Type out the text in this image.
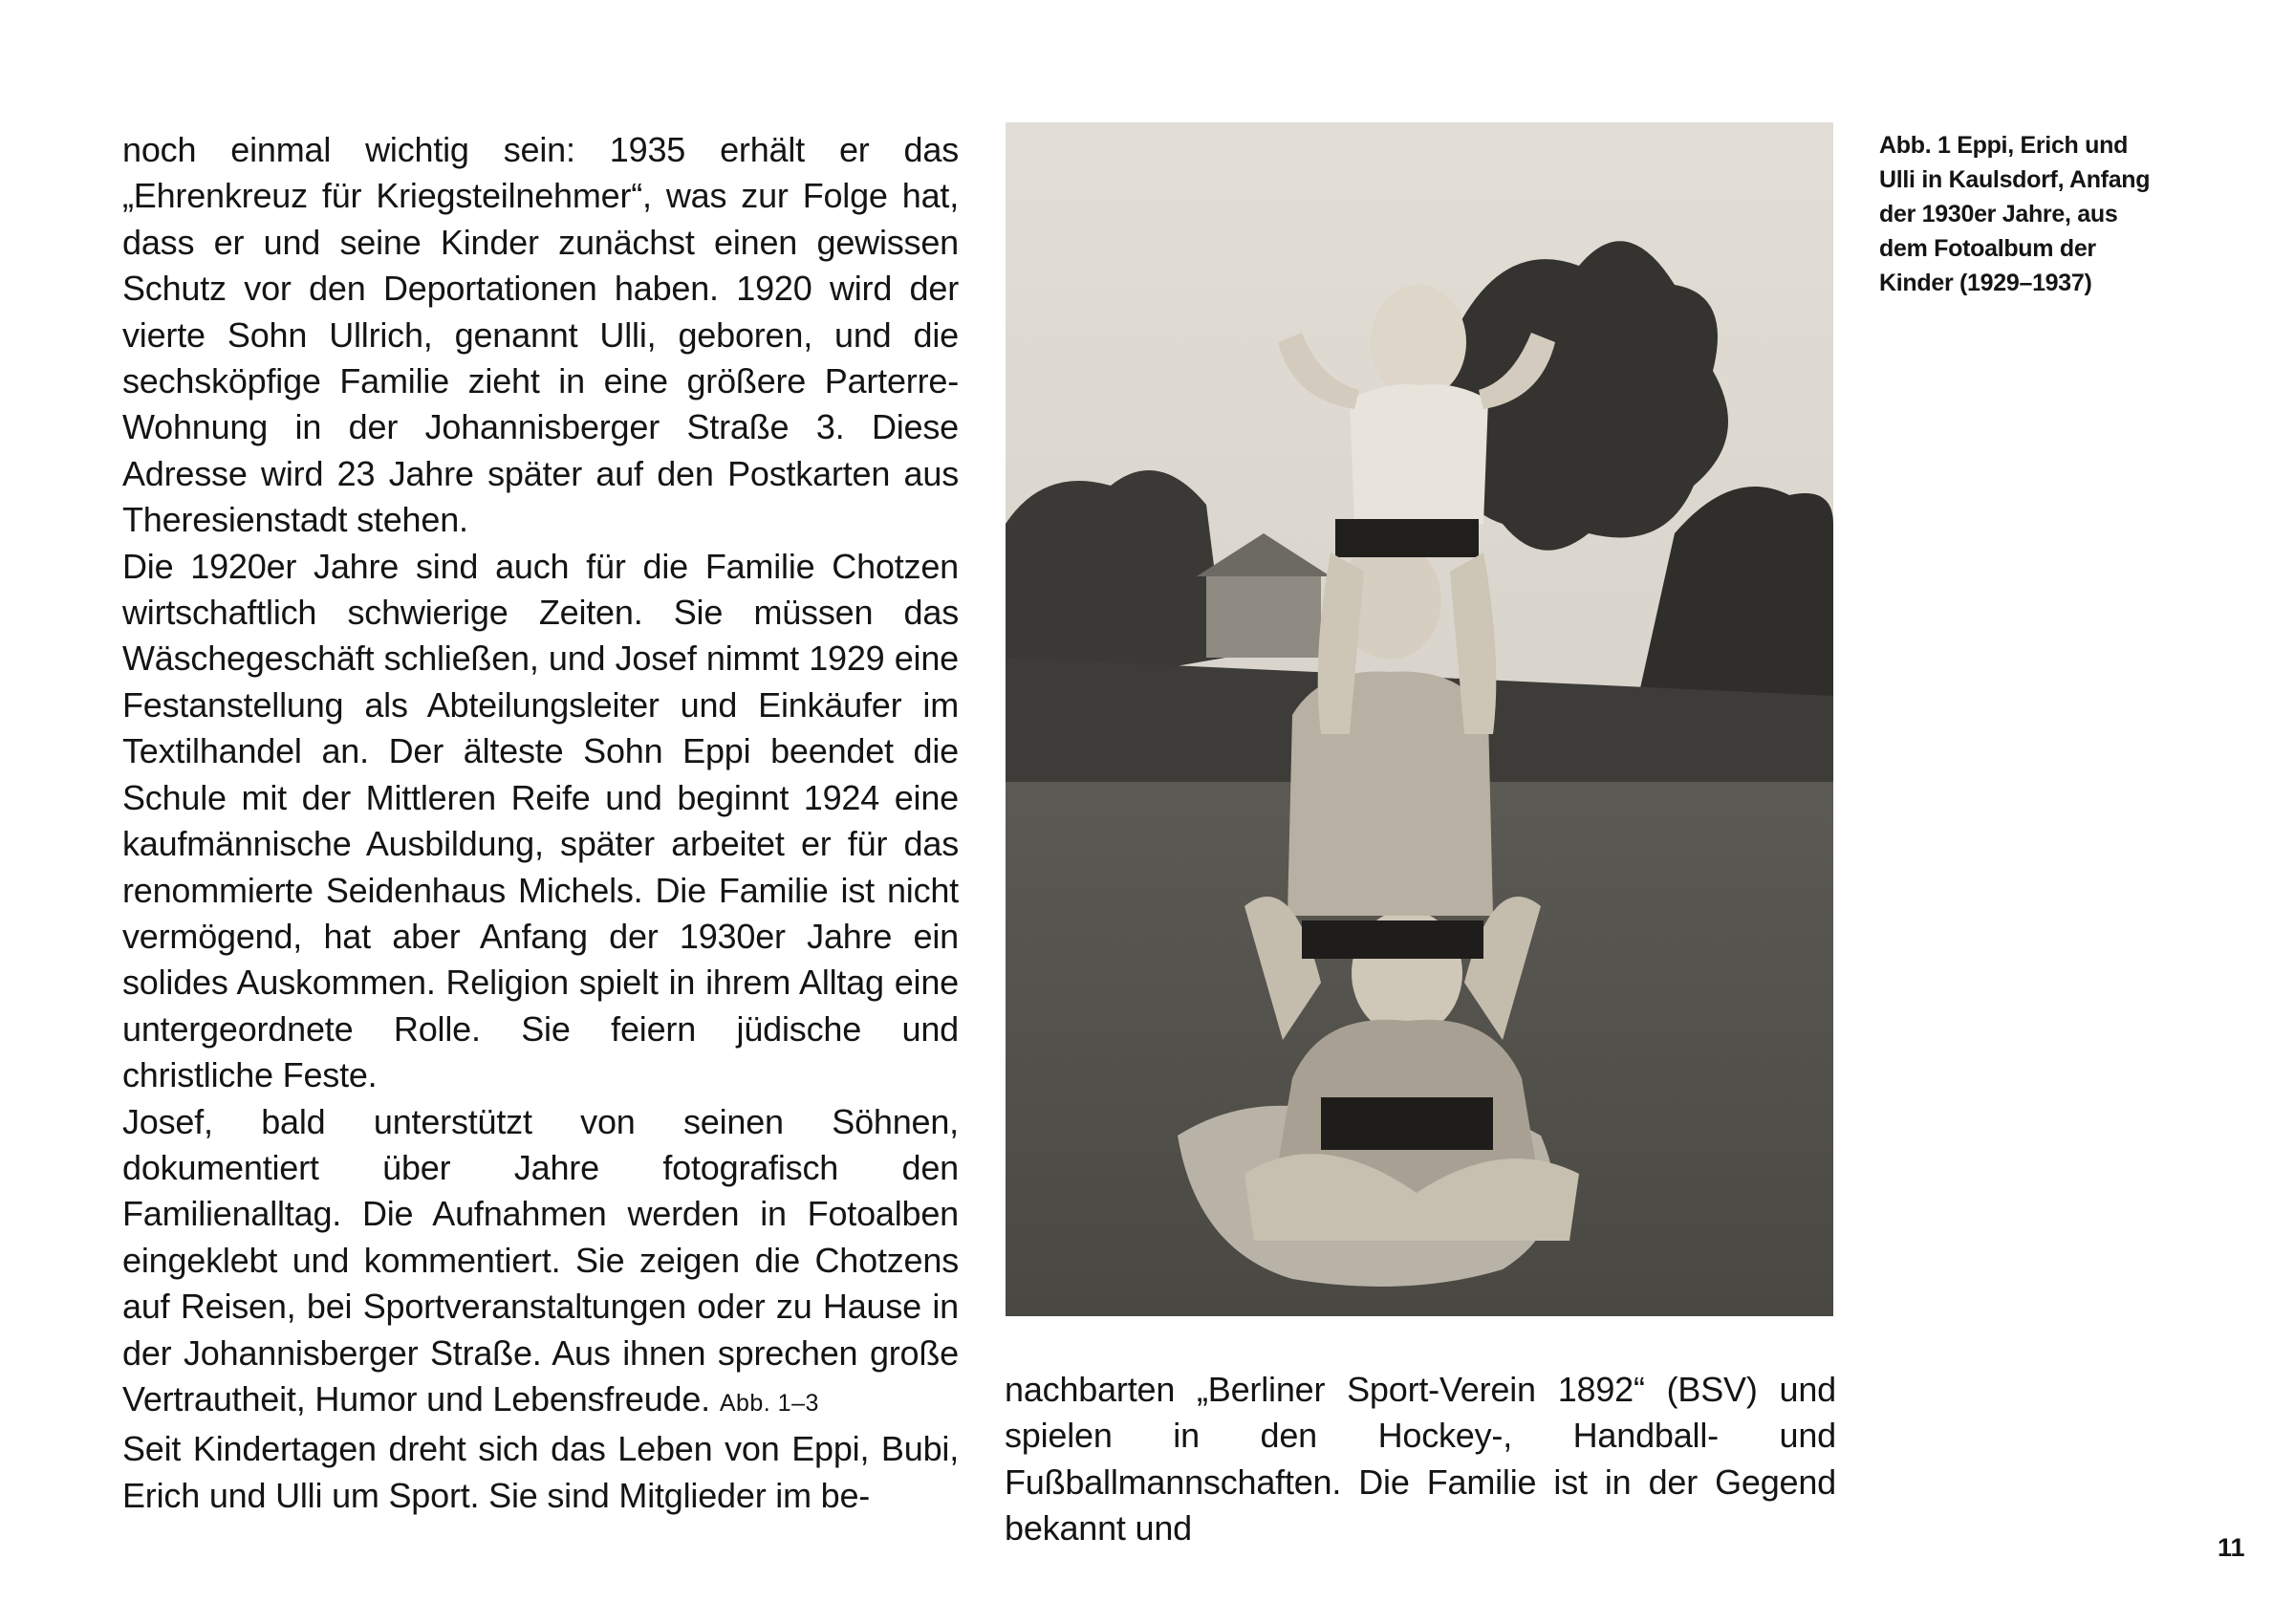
noch einmal wichtig sein: 1935 erhält er das „Ehrenkreuz für Kriegsteilnehmer“, was zur Folge hat, dass er und seine Kinder zunächst einen gewissen Schutz vor den Deportationen haben. 1920 wird der vierte Sohn Ullrich, genannt Ulli, geboren, und die sechsköpfige Familie zieht in eine größere Parterre-Wohnung in der Johannisberger Straße 3. Diese Adresse wird 23 Jahre später auf den Postkarten aus Theresienstadt stehen.

Die 1920er Jahre sind auch für die Familie Chotzen wirtschaftlich schwierige Zeiten. Sie müssen das Wäschegeschäft schließen, und Josef nimmt 1929 eine Festanstellung als Abteilungsleiter und Einkäufer im Textilhandel an. Der älteste Sohn Eppi beendet die Schule mit der Mittleren Reife und beginnt 1924 eine kaufmännische Ausbildung, später arbeitet er für das renommierte Seidenhaus Michels. Die Familie ist nicht vermögend, hat aber Anfang der 1930er Jahre ein solides Auskommen. Religion spielt in ihrem Alltag eine untergeordnete Rolle. Sie feiern jüdische und christliche Feste.

Josef, bald unterstützt von seinen Söhnen, dokumentiert über Jahre fotografisch den Familienalltag. Die Aufnahmen werden in Fotoalben eingeklebt und kommentiert. Sie zeigen die Chotzens auf Reisen, bei Sportveranstaltungen oder zu Hause in der Johannisberger Straße. Aus ihnen sprechen große Vertrautheit, Humor und Lebensfreude. Abb. 1–3

Seit Kindertagen dreht sich das Leben von Eppi, Bubi, Erich und Ulli um Sport. Sie sind Mitglieder im be-

Abb. 1 Eppi, Erich und Ulli in Kaulsdorf, Anfang der 1930er Jahre, aus dem Fotoalbum der Kinder (1929–1937)

nachbarten „Berliner Sport-Verein 1892“ (BSV) und spielen in den Hockey-, Handball- und Fußballmannschaften. Die Familie ist in der Gegend bekannt und	11
